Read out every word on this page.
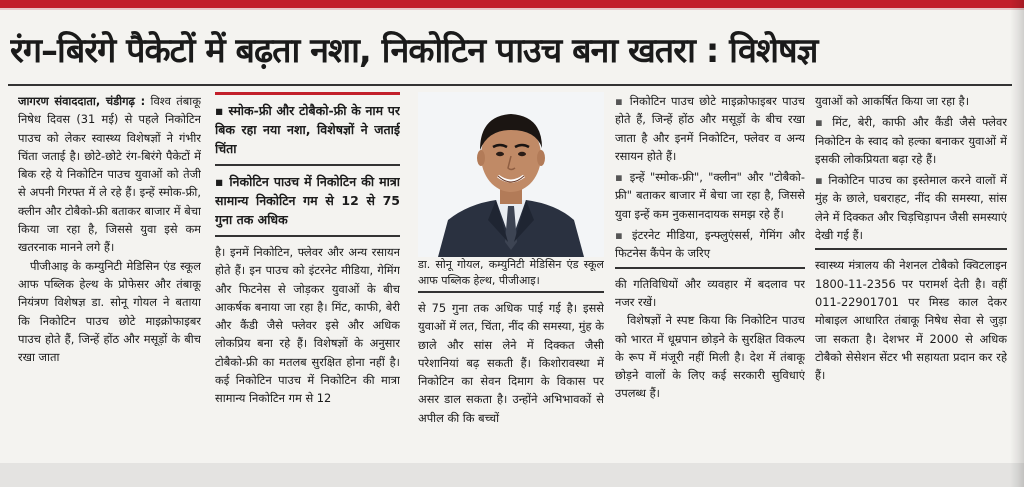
रंग–बिरंगे पैकेटों में बढ़ता नशा, निकोटिन पाउच बना खतरा : विशेषज्ञ

जागरण संवाददाता, चंडीगढ़ : विश्व तंबाकू निषेध दिवस (31 मई) से पहले निकोटिन पाउच को लेकर स्वास्थ्य विशेषज्ञों ने गंभीर चिंता जताई है। छोटे-छोटे रंग-बिरंगे पैकेटों में बिक रहे ये निकोटिन पाउच युवाओं को तेजी से अपनी गिरफ्त में ले रहे हैं। इन्हें स्मोक-फ्री, क्लीन और टोबैको-फ्री बताकर बाजार में बेचा किया जा रहा है, जिससे युवा इसे कम खतरनाक मानने लगे हैं।

पीजीआइ के कम्युनिटी मेडिसिन एंड स्कूल आफ पब्लिक हेल्थ के प्रोफेसर और तंबाकू नियंत्रण विशेषज्ञ डा. सोनू गोयल ने बताया कि निकोटिन पाउच छोटे माइक्रोफाइबर पाउच होते हैं, जिन्हें होंठ और मसूड़ों के बीच रखा जाता

▪ स्मोक-फ्री और टोबैको-फ्री के नाम पर बिक रहा नया नशा, विशेषज्ञों ने जताई चिंता

▪ निकोटिन पाउच में निकोटिन की मात्रा सामान्य निकोटिन गम से 12 से 75 गुना तक अधिक

है। इनमें निकोटिन, फ्लेवर और अन्य रसायन होते हैं। इन पाउच को इंटरनेट मीडिया, गेमिंग और फिटनेस से जोड़कर युवाओं के बीच आकर्षक बनाया जा रहा है। मिंट, काफी, बेरी और कैंडी जैसे फ्लेवर इसे और अधिक लोकप्रिय बना रहे हैं। विशेषज्ञों के अनुसार टोबैको-फ्री का मतलब सुरक्षित होना नहीं है। कई निकोटिन पाउच में निकोटिन की मात्रा सामान्य निकोटिन गम से 12

डा. सोनू गोयल, कम्युनिटी मेडिसिन एंड स्कूल आफ पब्लिक हेल्थ, पीजीआइ।

से 75 गुना तक अधिक पाई गई है। इससे युवाओं में लत, चिंता, नींद की समस्या, मुंह के छाले और सांस लेने में दिक्कत जैसी परेशानियां बढ़ सकती हैं। किशोरावस्था में निकोटिन का सेवन दिमाग के विकास पर असर डाल सकता है। उन्होंने अभिभावकों से अपील की कि बच्चों

▪ निकोटिन पाउच छोटे माइक्रोफाइबर पाउच होते हैं, जिन्हें होंठ और मसूड़ों के बीच रखा जाता है और इनमें निकोटिन, फ्लेवर व अन्य रसायन होते हैं।

▪ इन्हें "स्मोक-फ्री", "क्लीन" और "टोबैको-फ्री" बताकर बाजार में बेचा जा रहा है, जिससे युवा इन्हें कम नुकसानदायक समझ रहे हैं।

▪ इंटरनेट मीडिया, इन्फ्लुएंसर्स, गेमिंग और फिटनेस कैंपेन के जरिए

की गतिविधियों और व्यवहार में बदलाव पर नजर रखें।

विशेषज्ञों ने स्पष्ट किया कि निकोटिन पाउच को भारत में धूम्रपान छोड़ने के सुरक्षित विकल्प के रूप में मंजूरी नहीं मिली है। देश में तंबाकू छोड़ने वालों के लिए कई सरकारी सुविधाएं उपलब्ध हैं।

युवाओं को आकर्षित किया जा रहा है।

▪ मिंट, बेरी, काफी और कैंडी जैसे फ्लेवर निकोटिन के स्वाद को हल्का बनाकर युवाओं में इसकी लोकप्रियता बढ़ा रहे हैं।

▪ निकोटिन पाउच का इस्तेमाल करने वालों में मुंह के छाले, घबराहट, नींद की समस्या, सांस लेने में दिक्कत और चिड़चिड़ापन जैसी समस्याएं देखी गई हैं।

स्वास्थ्य मंत्रालय की नेशनल टोबैको क्विटलाइन 1800-11-2356 पर परामर्श देती है। वहीं 011-22901701 पर मिस्ड काल देकर मोबाइल आधारित तंबाकू निषेध सेवा से जुड़ा जा सकता है। देशभर में 2000 से अधिक टोबैको सेसेशन सेंटर भी सहायता प्रदान कर रहे हैं।
